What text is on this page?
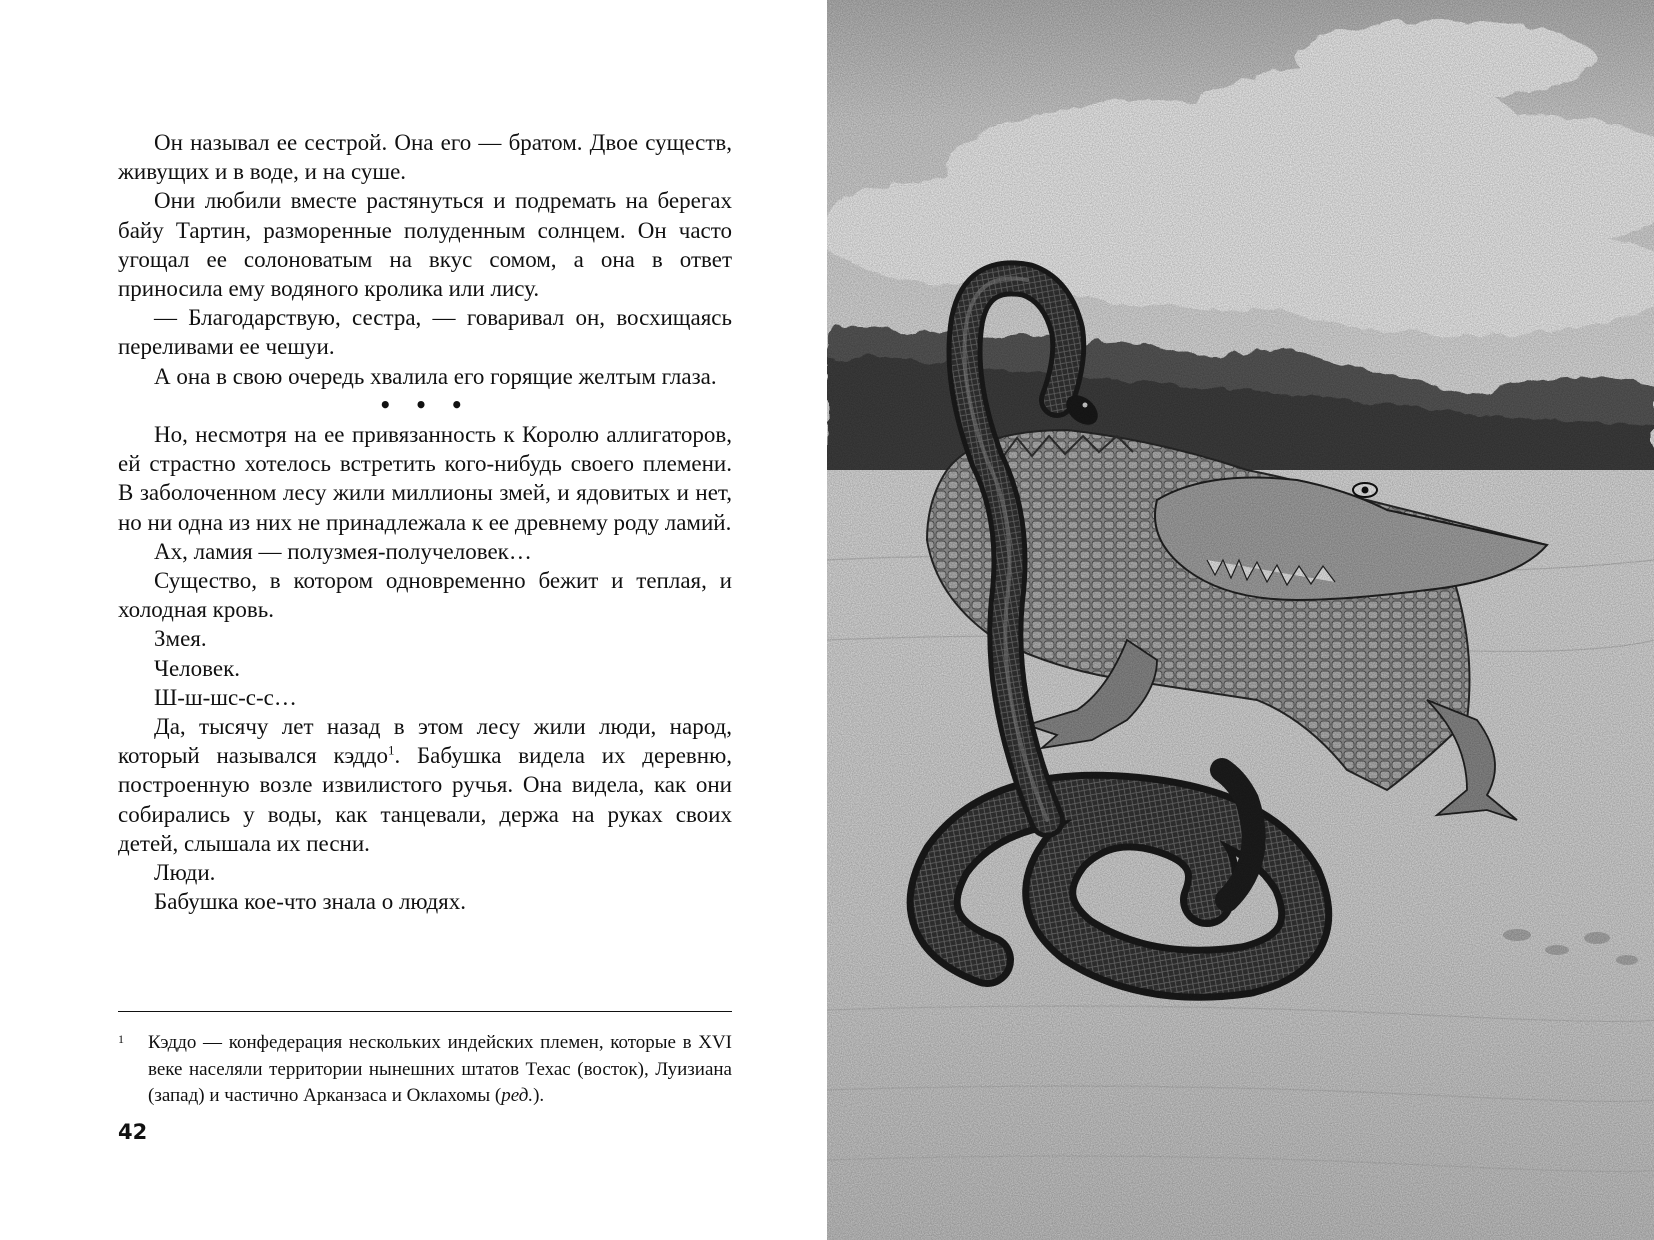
Он называл ее сестрой. Она его — братом. Двое существ, живущих и в воде, и на суше.

Они любили вместе растянуться и подремать на берегах байу Тартин, разморенные полуденным солнцем. Он часто угощал ее солоноватым на вкус сомом, а она в ответ приносила ему водяного кролика или лису.

— Благодарствую, сестра, — говаривал он, восхищаясь переливами ее чешуи.

А она в свою очередь хвалила его горящие желтым глаза.

• • •

Но, несмотря на ее привязанность к Королю аллигаторов, ей страстно хотелось встретить кого-нибудь своего племени. В заболоченном лесу жили миллионы змей, и ядовитых и нет, но ни одна из них не принадлежала к ее древнему роду ламий.

Ах, ламия — полузмея-получеловек…

Существо, в котором одновременно бежит и теплая, и холодная кровь.

Змея.

Человек.

Ш-ш-шс-с-с…

Да, тысячу лет назад в этом лесу жили люди, народ, который назывался кэддо$^1$. Бабушка видела их деревню, построенную возле извилистого ручья. Она видела, как они собирались у воды, как танцевали, держа на руках своих детей, слышала их песни.

Люди.

Бабушка кое-что знала о людях.

1 Кэддо — конфедерация нескольких индейских племен, которые в XVI веке населяли территории нынешних штатов Техас (восток), Луизиана (запад) и частично Арканзаса и Оклахомы (ред.).
42
